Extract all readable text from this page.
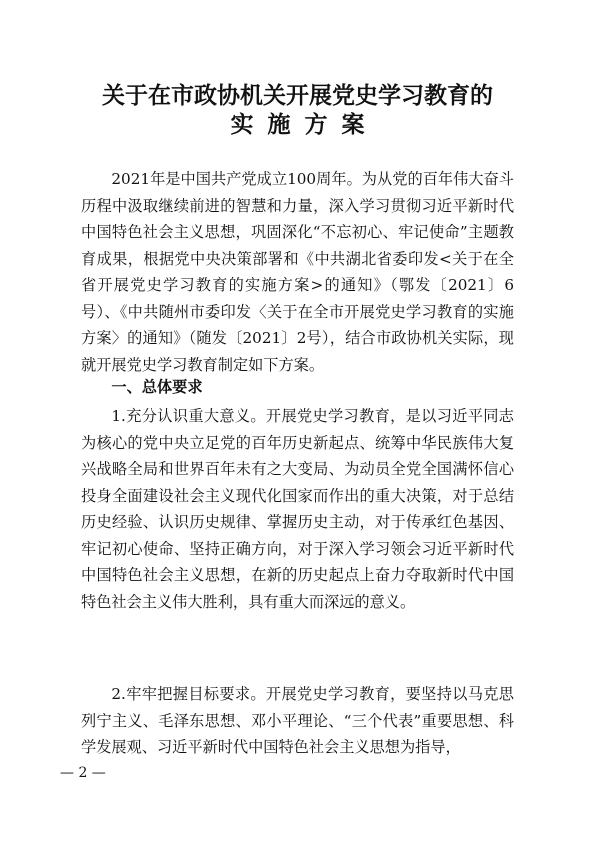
关于在市政协机关开展党史学习教育的
实施方案

2021年是中国共产党成立100周年。为从党的百年伟大奋斗历程中汲取继续前进的智慧和力量，深入学习贯彻习近平新时代中国特色社会主义思想，巩固深化“不忘初心、牢记使命”主题教育成果，根据党中央决策部署和《中共湖北省委印发<关于在全省开展党史学习教育的实施方案>的通知》（鄂发〔2021〕6号）、《中共随州市委印发〈关于在全市开展党史学习教育的实施方案〉的通知》（随发〔2021〕2号），结合市政协机关实际，现就开展党史学习教育制定如下方案。

一、总体要求

1.充分认识重大意义。开展党史学习教育，是以习近平同志为核心的党中央立足党的百年历史新起点、统筹中华民族伟大复兴战略全局和世界百年未有之大变局、为动员全党全国满怀信心投身全面建设社会主义现代化国家而作出的重大决策，对于总结历史经验、认识历史规律、掌握历史主动，对于传承红色基因、牢记初心使命、坚持正确方向，对于深入学习领会习近平新时代中国特色社会主义思想，在新的历史起点上奋力夺取新时代中国特色社会主义伟大胜利，具有重大而深远的意义。

2.牢牢把握目标要求。开展党史学习教育，要坚持以马克思列宁主义、毛泽东思想、邓小平理论、“三个代表”重要思想、科学发展观、习近平新时代中国特色社会主义思想为指导，

— 2 —
